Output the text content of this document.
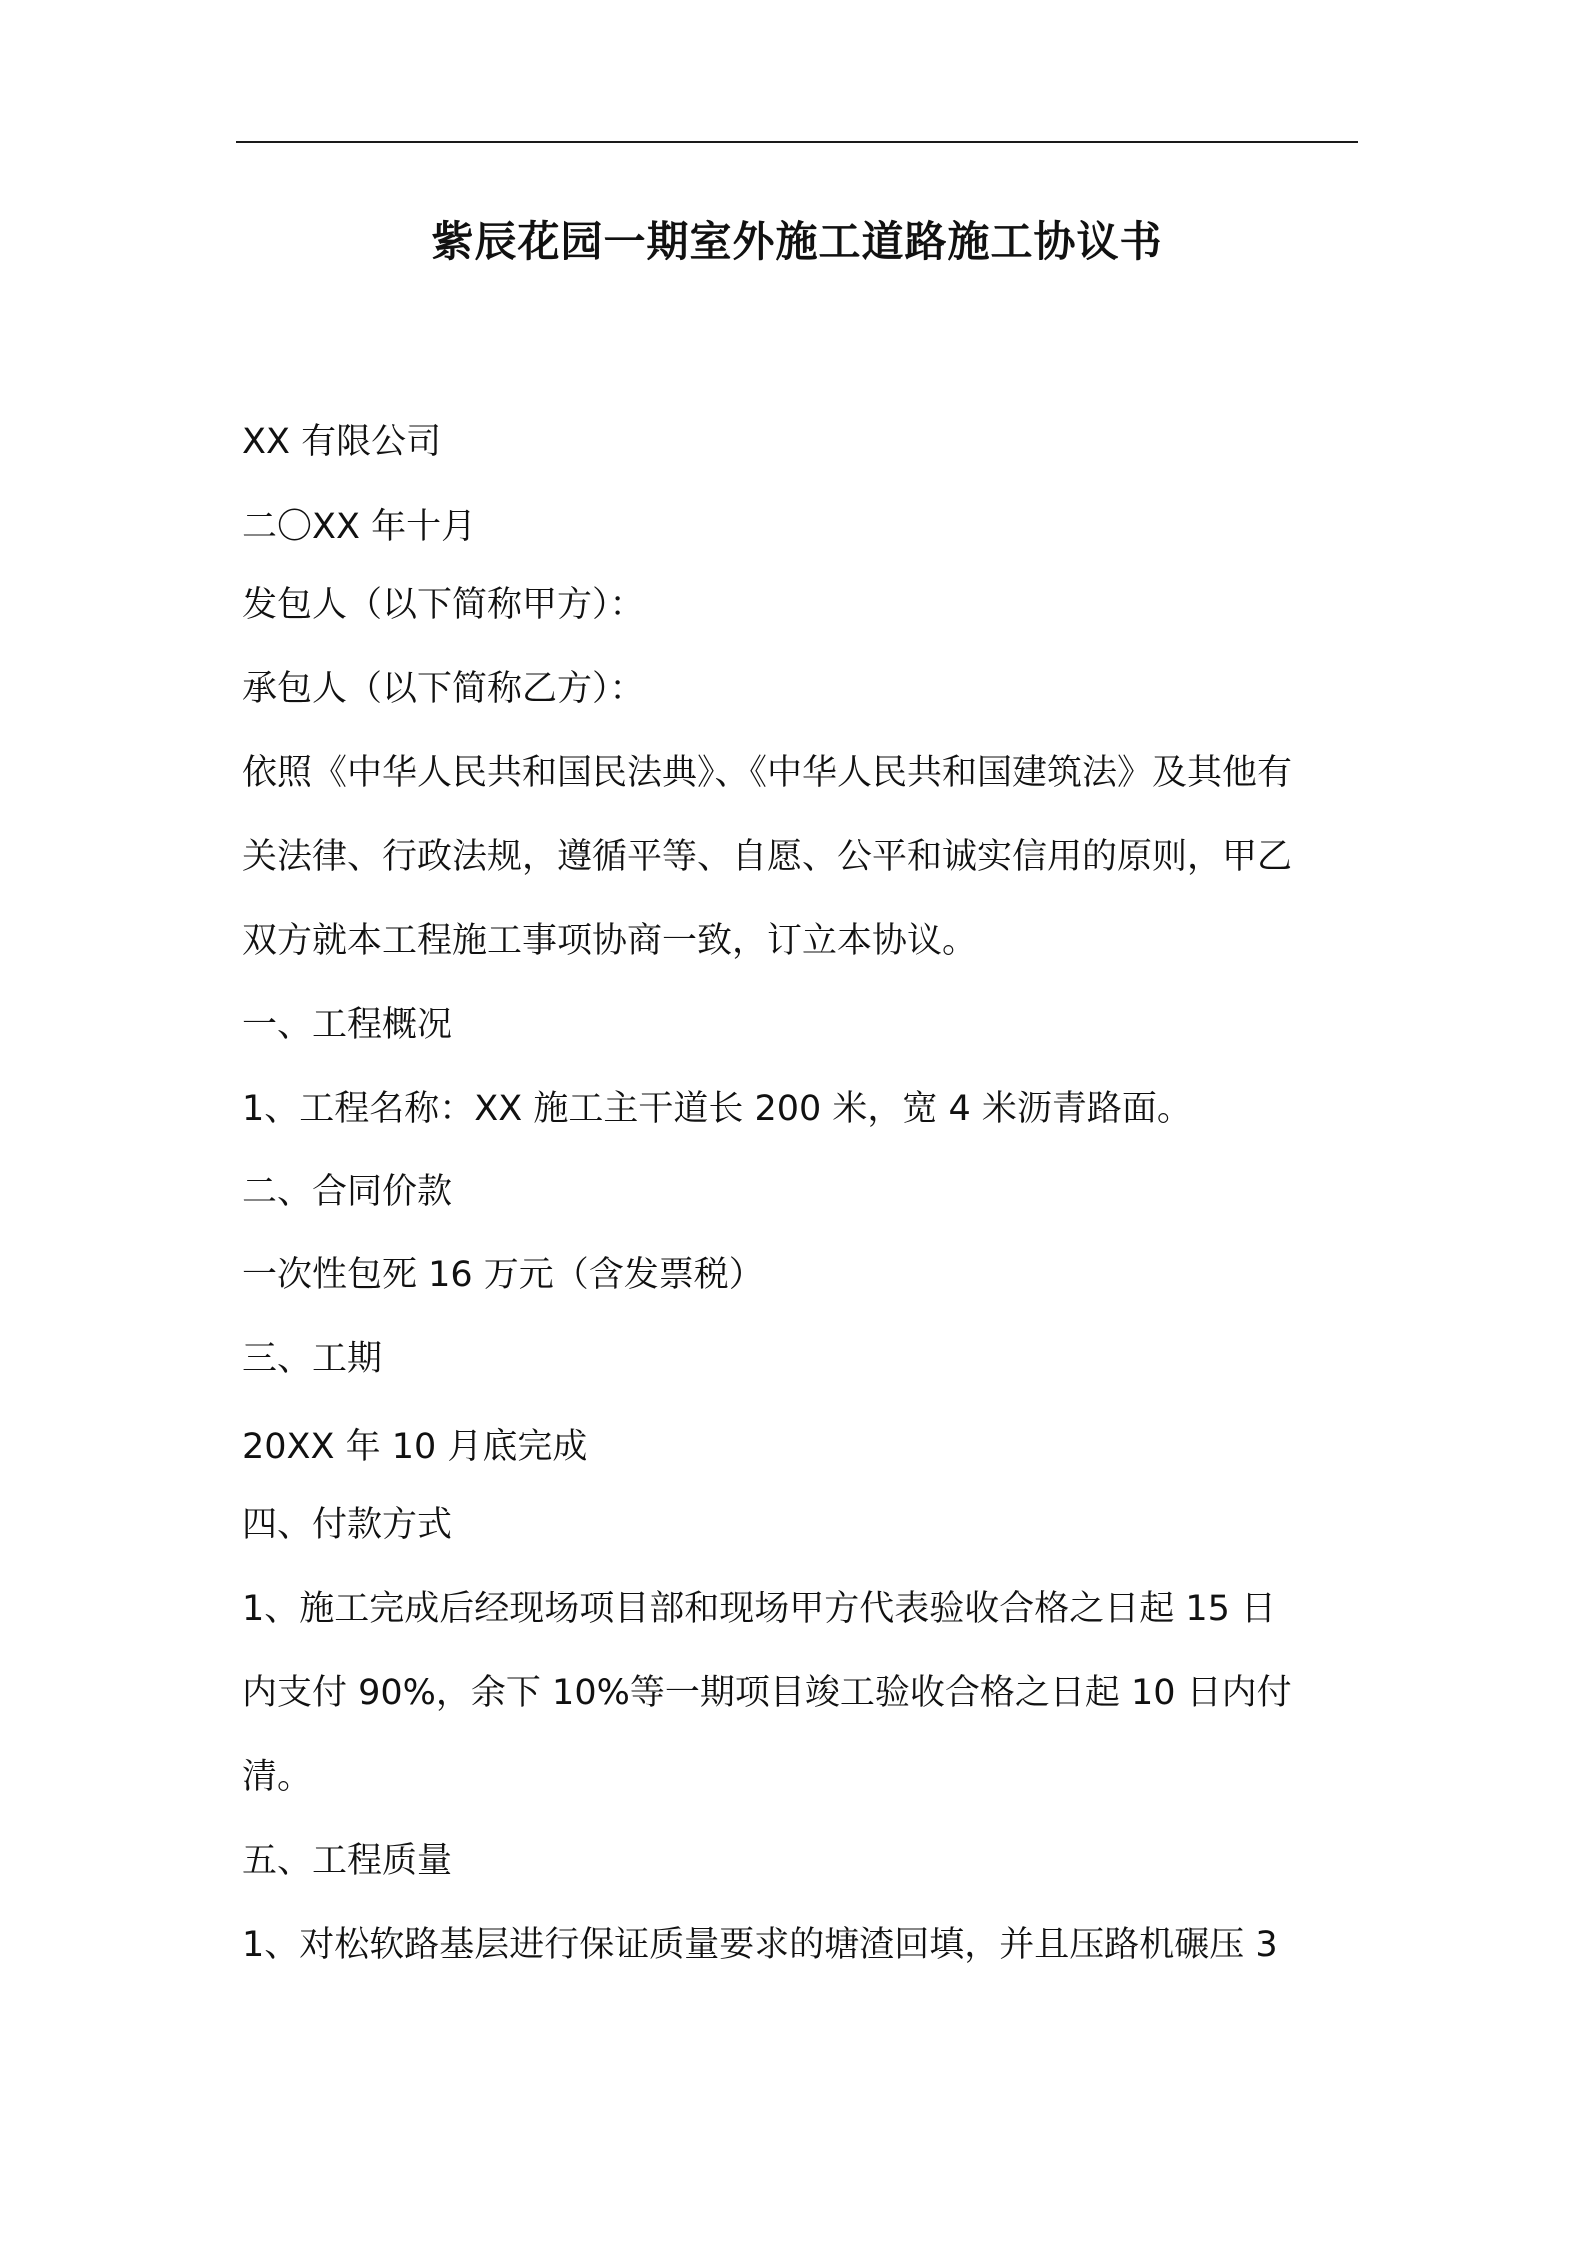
紫辰花园一期室外施工道路施工协议书
XX 有限公司
二〇XX 年十月
发包人（以下简称甲方）：
承包人（以下简称乙方）：
依照《中华人民共和国民法典》、《中华人民共和国建筑法》及其他有
关法律、行政法规，遵循平等、自愿、公平和诚实信用的原则，甲乙
双方就本工程施工事项协商一致，订立本协议。
一、工程概况
1、工程名称：XX 施工主干道长 200 米，宽 4 米沥青路面。
二、合同价款
一次性包死 16 万元（含发票税）
三、工期
20XX 年 10 月底完成
四、付款方式
1、施工完成后经现场项目部和现场甲方代表验收合格之日起 15 日
内支付 90%，余下 10%等一期项目竣工验收合格之日起 10 日内付
清。
五、工程质量
1、对松软路基层进行保证质量要求的塘渣回填，并且压路机碾压 3
